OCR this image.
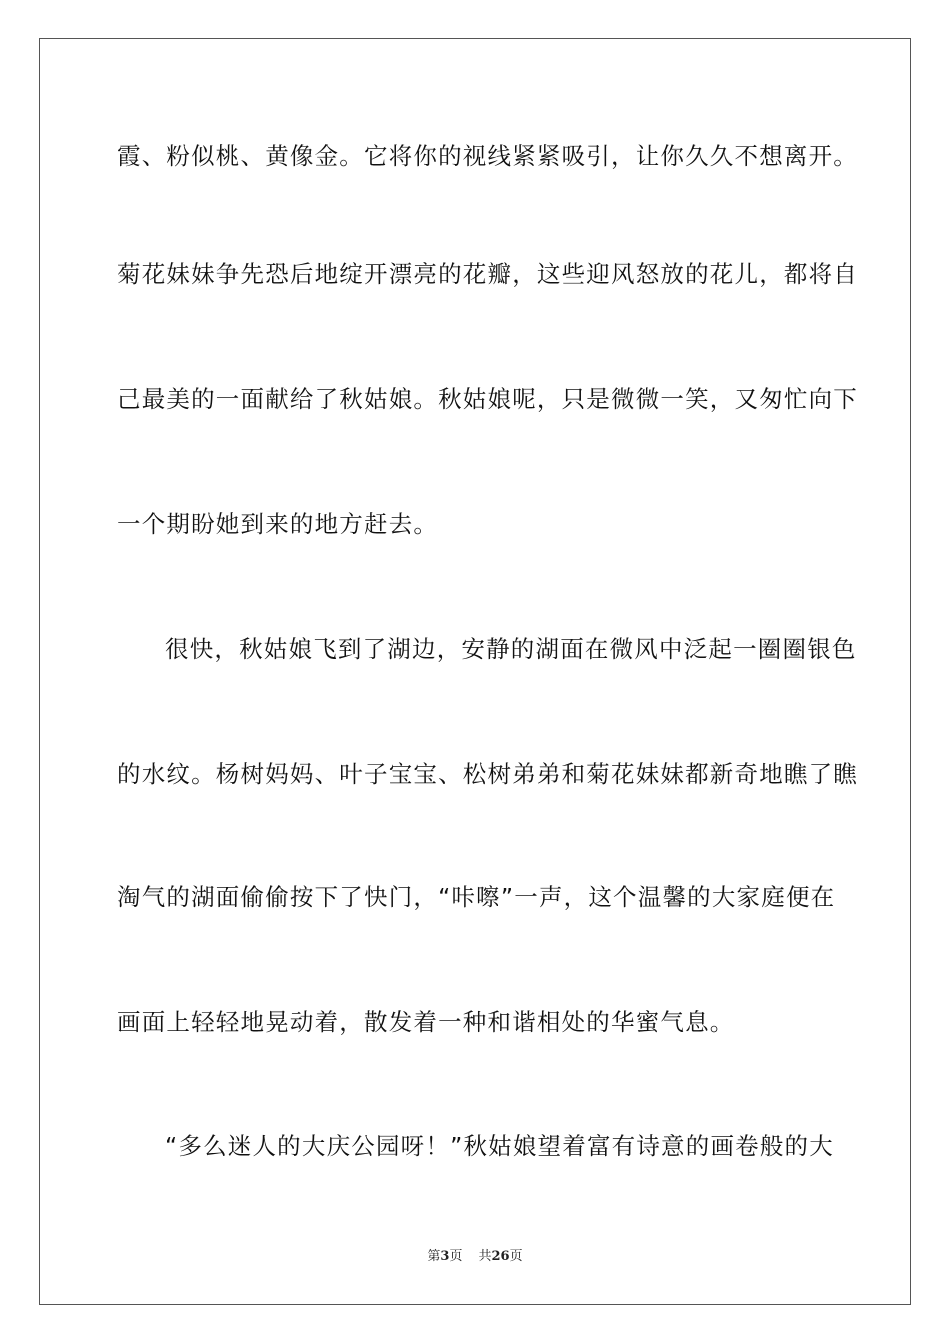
霞、粉似桃、黄像金。它将你的视线紧紧吸引，让你久久不想离开。
菊花妹妹争先恐后地绽开漂亮的花瓣，这些迎风怒放的花儿，都将自
己最美的一面献给了秋姑娘。秋姑娘呢，只是微微一笑，又匆忙向下
一个期盼她到来的地方赶去。
很快，秋姑娘飞到了湖边，安静的湖面在微风中泛起一圈圈银色
的水纹。杨树妈妈、叶子宝宝、松树弟弟和菊花妹妹都新奇地瞧了瞧
淘气的湖面偷偷按下了快门，“咔嚓”一声，这个温馨的大家庭便在
画面上轻轻地晃动着，散发着一种和谐相处的华蜜气息。
“多么迷人的大庆公园呀！”秋姑娘望着富有诗意的画卷般的大
第3页 共26页
